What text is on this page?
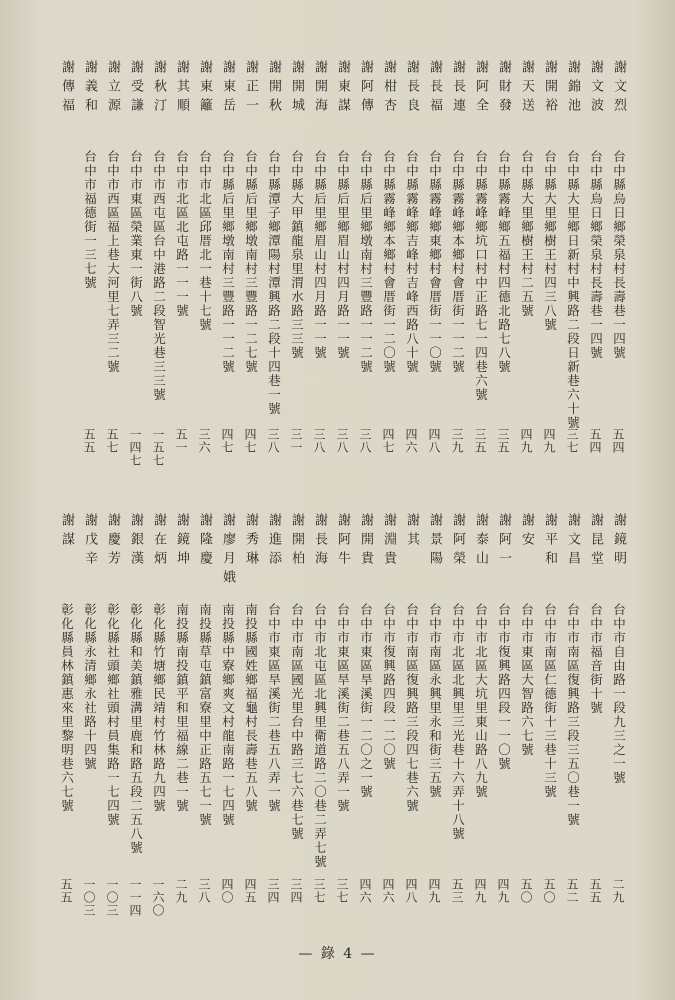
謝文烈
台中縣烏日鄉榮泉村長壽巷一四號
五四
謝文波
台中縣烏日鄉榮泉村長壽巷一四號
五四
謝錦池
台中縣大里鄉日新村中興路二段日新巷六十號
三七
謝開裕
台中縣大里鄉樹王村四三八號
四九
謝天送
台中縣大里鄉樹王村二五號
四九
謝財發
台中縣霧峰鄉五福村四德北路七八號
三五
謝阿全
台中縣霧峰鄉坑口村中正路七一四巷六號
三五
謝長連
台中縣霧峰鄉本鄉村會厝街一一二號
三九
謝長福
台中縣霧峰鄉東鄉村會厝街一一〇號
四八
謝長良
台中縣霧峰鄉吉峰村吉峰西路八十號
四六
謝柑杏
台中縣霧峰鄉本鄉村會厝街一二〇號
四七
謝阿傳
台中縣后里鄉墩南村三豐路一一二號
三八
謝東謀
台中縣后里鄉眉山村四月路一一號
三八
謝開海
台中縣后里鄉眉山村四月路一一號
三八
謝開城
台中縣大甲鎮龍泉里渭水路三三號
三一
謝開秋
台中縣潭子鄉潭陽村潭興路二段十四巷一號
三八
謝正一
台中縣后里鄉墩南村三豐路一二七號
四七
謝東岳
台中縣后里鄉墩南村三豐路一一二號
四七
謝東籬
台中市北區邱厝北一巷十七號
三六
謝其順
台中市北區北屯路一一一號
五一
謝秋汀
台中市西屯區台中港路二段智光巷三三號
一五七
謝受謙
台中市東區榮業東一街八號
一四七
謝立源
台中市西區福上巷大河里七弄三二號
五七
謝義和
台中市福德街一三七號
五五
謝傳福
謝鏡明
台中市自由路一段九三之一號
二九
謝昆堂
台中市福音街十號
五五
謝文昌
台中市南區復興路三段三五〇巷一號
五二
謝平和
台中市南區仁德街十三巷十三號
五〇
謝安
台中市東區大智路六七號
五〇
謝阿一
台中市復興路四段一一〇號
四九
謝泰山
台中市北區大坑里東山路八九號
四九
謝阿榮
台中市北區北興里三光巷十六弄十八號
五三
謝景陽
台中市南區永興里永和街三五號
四九
謝其
台中市南區復興路三段四七巷六號
四八
謝淵貴
台中市復興路四段一二〇號
四六
謝開貴
台中市東區旱溪街一二〇之一號
四六
謝阿牛
台中市東區旱溪街二巷五八弄一號
三七
謝長海
台中市北屯區北興里衛道路二〇巷二弄七號
三七
謝開柏
台中市南區國光里台中路三七六巷七號
三四
謝進添
台中市東區旱溪街二巷五八弄一號
三四
謝秀琳
南投縣國姓鄉福龜村長壽巷五八號
四五
謝廖月娥
南投縣中寮鄉爽文村龍南路一七四號
四〇
謝隆慶
南投縣草屯鎮富寮里中正路五七一號
三八
謝鏡坤
南投縣南投鎮平和里福線二巷一號
二九
謝在炳
彰化縣竹塘鄉民靖村竹林路九四號
一六〇
謝銀漢
彰化縣和美鎮雅溝里鹿和路五段二五八號
一一四
謝慶芳
彰化縣社頭鄉社頭村員集路一七四號
一〇三
謝戊辛
彰化縣永清鄉永社路十四號
一〇三
謝謀
彰化縣員林鎮惠來里黎明巷六七號
五五
— 錄 4 —
